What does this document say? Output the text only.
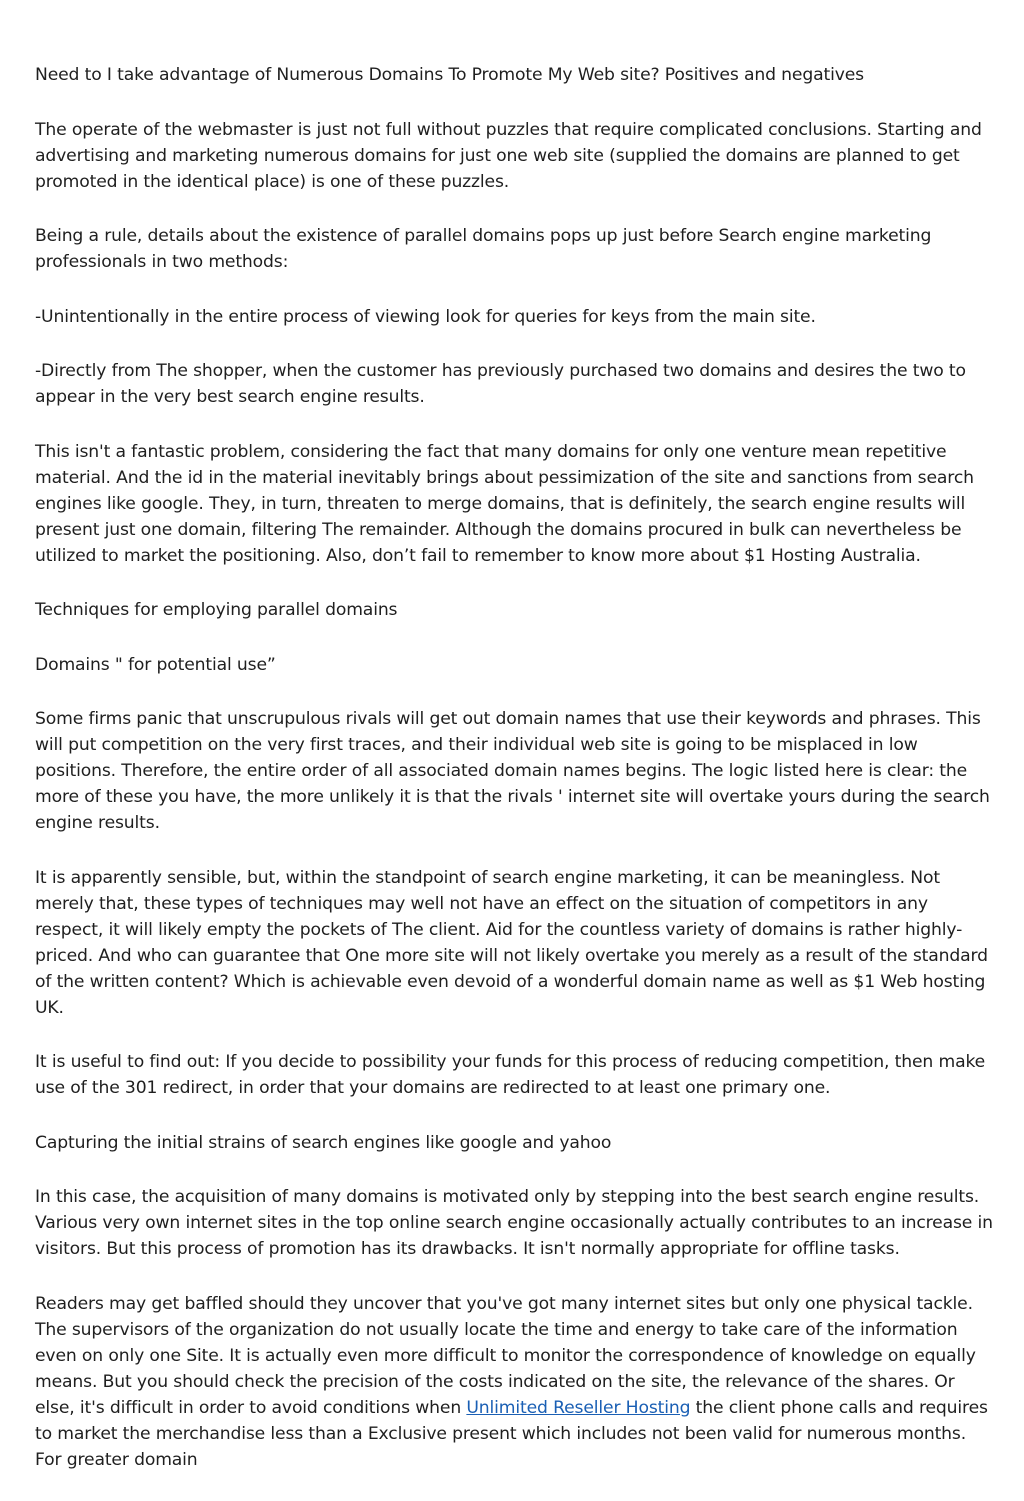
Need to I take advantage of Numerous Domains To Promote My Web site? Positives and negatives

The operate of the webmaster is just not full without puzzles that require complicated conclusions. Starting and advertising and marketing numerous domains for just one web site (supplied the domains are planned to get promoted in the identical place) is one of these puzzles.

Being a rule, details about the existence of parallel domains pops up just before Search engine marketing professionals in two methods:

-Unintentionally in the entire process of viewing look for queries for keys from the main site.

-Directly from The shopper, when the customer has previously purchased two domains and desires the two to appear in the very best search engine results.

This isn't a fantastic problem, considering the fact that many domains for only one venture mean repetitive material. And the id in the material inevitably brings about pessimization of the site and sanctions from search engines like google. They, in turn, threaten to merge domains, that is definitely, the search engine results will present just one domain, filtering The remainder. Although the domains procured in bulk can nevertheless be utilized to market the positioning. Also, don’t fail to remember to know more about $1 Hosting Australia.

Techniques for employing parallel domains

Domains " for potential use”

Some firms panic that unscrupulous rivals will get out domain names that use their keywords and phrases. This will put competition on the very first traces, and their individual web site is going to be misplaced in low positions. Therefore, the entire order of all associated domain names begins. The logic listed here is clear: the more of these you have, the more unlikely it is that the rivals ' internet site will overtake yours during the search engine results.

It is apparently sensible, but, within the standpoint of search engine marketing, it can be meaningless. Not merely that, these types of techniques may well not have an effect on the situation of competitors in any respect, it will likely empty the pockets of The client. Aid for the countless variety of domains is rather highly-priced. And who can guarantee that One more site will not likely overtake you merely as a result of the standard of the written content? Which is achievable even devoid of a wonderful domain name as well as $1 Web hosting UK.

It is useful to find out: If you decide to possibility your funds for this process of reducing competition, then make use of the 301 redirect, in order that your domains are redirected to at least one primary one.

Capturing the initial strains of search engines like google and yahoo

In this case, the acquisition of many domains is motivated only by stepping into the best search engine results. Various very own internet sites in the top online search engine occasionally actually contributes to an increase in visitors. But this process of promotion has its drawbacks. It isn't normally appropriate for offline tasks.

Readers may get baffled should they uncover that you've got many internet sites but only one physical tackle. The supervisors of the organization do not usually locate the time and energy to take care of the information even on only one Site. It is actually even more difficult to monitor the correspondence of knowledge on equally means. But you should check the precision of the costs indicated on the site, the relevance of the shares. Or else, it's difficult in order to avoid conditions when Unlimited Reseller Hosting the client phone calls and requires to market the merchandise less than a Exclusive present which includes not been valid for numerous months. For greater domain
